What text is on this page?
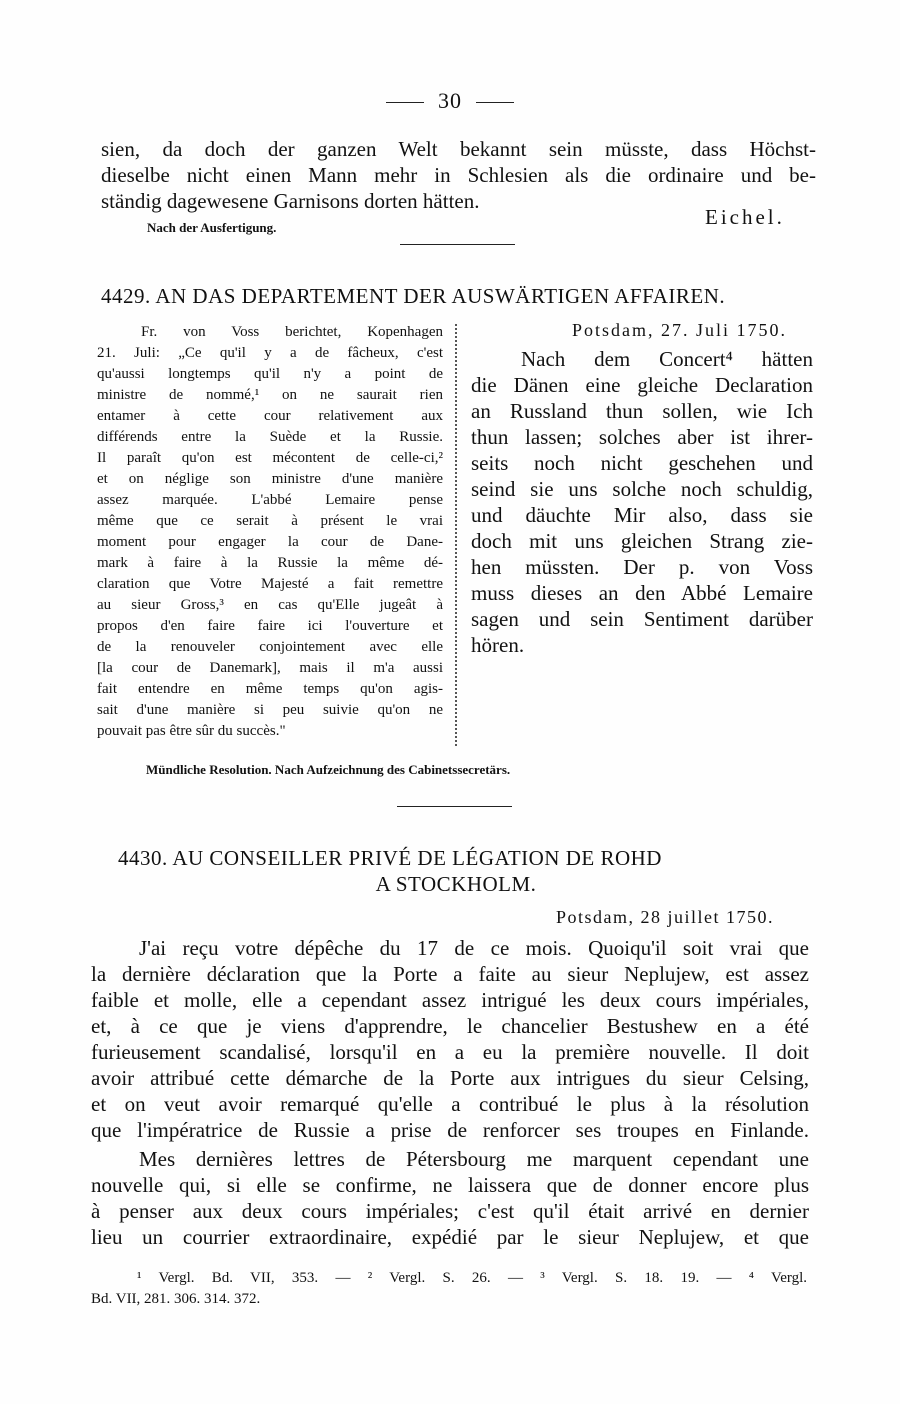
30
sien, da doch der ganzen Welt bekannt sein müsste, dass Höchst-
dieselbe nicht einen Mann mehr in Schlesien als die ordinaire und be-
ständig dagewesene Garnisons dorten hätten.
Eichel.
Nach der Ausfertigung.
4429. AN DAS DEPARTEMENT DER AUSWÄRTIGEN AFFAIREN.
Fr. von Voss berichtet, Kopenhagen
21. Juli: „Ce qu'il y a de fâcheux, c'est
qu'aussi longtemps qu'il n'y a point de
ministre de nommé,¹ on ne saurait rien
entamer à cette cour relativement aux
différends entre la Suède et la Russie.
Il paraît qu'on est mécontent de celle-ci,²
et on néglige son ministre d'une manière
assez marquée. L'abbé Lemaire pense
même que ce serait à présent le vrai
moment pour engager la cour de Dane-
mark à faire à la Russie la même dé-
claration que Votre Majesté a fait remettre
au sieur Gross,³ en cas qu'Elle jugeât à
propos d'en faire faire ici l'ouverture et
de la renouveler conjointement avec elle
[la cour de Danemark], mais il m'a aussi
fait entendre en même temps qu'on agis-
sait d'une manière si peu suivie qu'on ne
pouvait pas être sûr du succès."
Potsdam, 27. Juli 1750.
Nach dem Concert⁴ hätten
die Dänen eine gleiche Declaration
an Russland thun sollen, wie Ich
thun lassen; solches aber ist ihrer-
seits noch nicht geschehen und
seind sie uns solche noch schuldig,
und däuchte Mir also, dass sie
doch mit uns gleichen Strang zie-
hen müssten. Der p. von Voss
muss dieses an den Abbé Lemaire
sagen und sein Sentiment darüber
hören.
Mündliche Resolution. Nach Aufzeichnung des Cabinetssecretärs.
4430. AU CONSEILLER PRIVÉ DE LÉGATION DE ROHD
A STOCKHOLM.
Potsdam, 28 juillet 1750.
J'ai reçu votre dépêche du 17 de ce mois. Quoiqu'il soit vrai que
la dernière déclaration que la Porte a faite au sieur Neplujew, est assez
faible et molle, elle a cependant assez intrigué les deux cours impériales,
et, à ce que je viens d'apprendre, le chancelier Bestushew en a été
furieusement scandalisé, lorsqu'il en a eu la première nouvelle. Il doit
avoir attribué cette démarche de la Porte aux intrigues du sieur Celsing,
et on veut avoir remarqué qu'elle a contribué le plus à la résolution
que l'impératrice de Russie a prise de renforcer ses troupes en Finlande.
Mes dernières lettres de Pétersbourg me marquent cependant une
nouvelle qui, si elle se confirme, ne laissera que de donner encore plus
à penser aux deux cours impériales; c'est qu'il était arrivé en dernier
lieu un courrier extraordinaire, expédié par le sieur Neplujew, et que
¹ Vergl. Bd. VII, 353. — ² Vergl. S. 26. — ³ Vergl. S. 18. 19. — ⁴ Vergl.
Bd. VII, 281. 306. 314. 372.
